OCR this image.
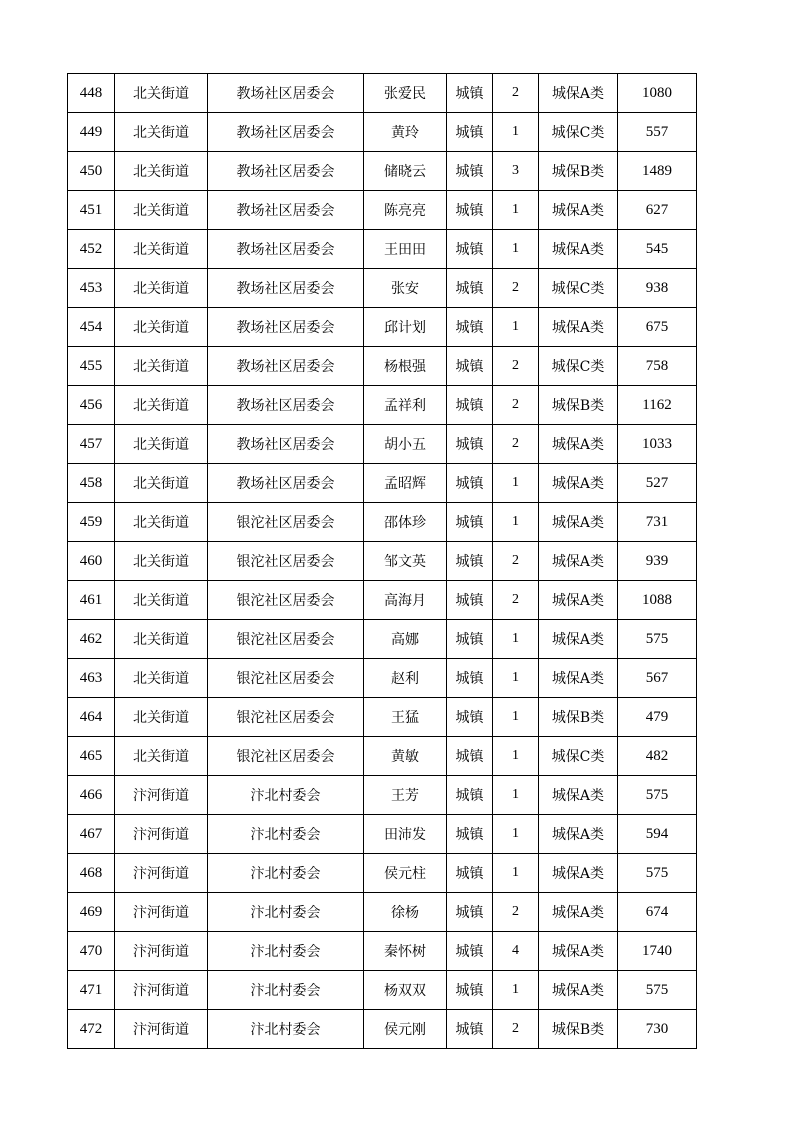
448	北关街道	教场社区居委会	张爱民	城镇	2	城保A类	1080
449	北关街道	教场社区居委会	黄玲	城镇	1	城保C类	557
450	北关街道	教场社区居委会	储晓云	城镇	3	城保B类	1489
451	北关街道	教场社区居委会	陈亮亮	城镇	1	城保A类	627
452	北关街道	教场社区居委会	王田田	城镇	1	城保A类	545
453	北关街道	教场社区居委会	张安	城镇	2	城保C类	938
454	北关街道	教场社区居委会	邱计划	城镇	1	城保A类	675
455	北关街道	教场社区居委会	杨根强	城镇	2	城保C类	758
456	北关街道	教场社区居委会	孟祥利	城镇	2	城保B类	1162
457	北关街道	教场社区居委会	胡小五	城镇	2	城保A类	1033
458	北关街道	教场社区居委会	孟昭辉	城镇	1	城保A类	527
459	北关街道	银沱社区居委会	邵体珍	城镇	1	城保A类	731
460	北关街道	银沱社区居委会	邹文英	城镇	2	城保A类	939
461	北关街道	银沱社区居委会	高海月	城镇	2	城保A类	1088
462	北关街道	银沱社区居委会	高娜	城镇	1	城保A类	575
463	北关街道	银沱社区居委会	赵利	城镇	1	城保A类	567
464	北关街道	银沱社区居委会	王猛	城镇	1	城保B类	479
465	北关街道	银沱社区居委会	黄敏	城镇	1	城保C类	482
466	汴河街道	汴北村委会	王芳	城镇	1	城保A类	575
467	汴河街道	汴北村委会	田沛发	城镇	1	城保A类	594
468	汴河街道	汴北村委会	侯元柱	城镇	1	城保A类	575
469	汴河街道	汴北村委会	徐杨	城镇	2	城保A类	674
470	汴河街道	汴北村委会	秦怀树	城镇	4	城保A类	1740
471	汴河街道	汴北村委会	杨双双	城镇	1	城保A类	575
472	汴河街道	汴北村委会	侯元刚	城镇	2	城保B类	730
